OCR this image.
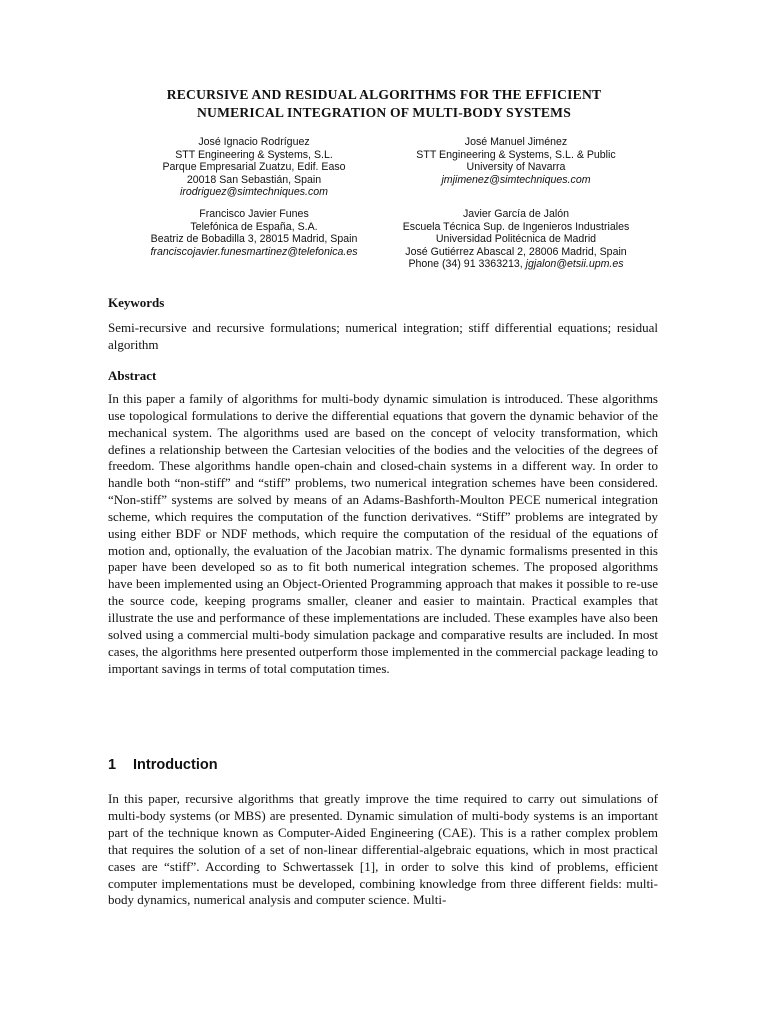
RECURSIVE AND RESIDUAL ALGORITHMS FOR THE EFFICIENT
NUMERICAL INTEGRATION OF MULTI-BODY SYSTEMS
José Ignacio Rodríguez
STT Engineering & Systems, S.L.
Parque Empresarial Zuatzu, Edif. Easo
20018 San Sebastián, Spain
irodriguez@simtechniques.com
José Manuel Jiménez
STT Engineering & Systems, S.L. & Public
University of Navarra
jmjimenez@simtechniques.com
Francisco Javier Funes
Telefónica de España, S.A.
Beatriz de Bobadilla 3, 28015 Madrid, Spain
franciscojavier.funesmartinez@telefonica.es
Javier García de Jalón
Escuela Técnica Sup. de Ingenieros Industriales
Universidad Politécnica de Madrid
José Gutiérrez Abascal 2, 28006 Madrid, Spain
Phone (34) 91 3363213, jgjalon@etsii.upm.es
Keywords
Semi-recursive and recursive formulations; numerical integration; stiff differential equations; residual algorithm
Abstract
In this paper a family of algorithms for multi-body dynamic simulation is introduced. These algorithms use topological formulations to derive the differential equations that govern the dynamic behavior of the mechanical system. The algorithms used are based on the concept of velocity transformation, which defines a relationship between the Cartesian velocities of the bodies and the velocities of the degrees of freedom. These algorithms handle open-chain and closed-chain systems in a different way. In order to handle both “non-stiff” and “stiff” problems, two numerical integration schemes have been considered. “Non-stiff” systems are solved by means of an Adams-Bashforth-Moulton PECE numerical integration scheme, which requires the computation of the function derivatives. “Stiff” problems are integrated by using either BDF or NDF methods, which require the computation of the residual of the equations of motion and, optionally, the evaluation of the Jacobian matrix. The dynamic formalisms presented in this paper have been developed so as to fit both numerical integration schemes. The proposed algorithms have been implemented using an Object-Oriented Programming approach that makes it possible to re-use the source code, keeping programs smaller, cleaner and easier to maintain. Practical examples that illustrate the use and performance of these implementations are included. These examples have also been solved using a commercial multi-body simulation package and comparative results are included. In most cases, the algorithms here presented outperform those implemented in the commercial package leading to important savings in terms of total computation times.
1 Introduction
In this paper, recursive algorithms that greatly improve the time required to carry out simulations of multi-body systems (or MBS) are presented. Dynamic simulation of multi-body systems is an important part of the technique known as Computer-Aided Engineering (CAE). This is a rather complex problem that requires the solution of a set of non-linear differential-algebraic equations, which in most practical cases are “stiff”. According to Schwertassek [1], in order to solve this kind of problems, efficient computer implementations must be developed, combining knowledge from three different fields: multi-body dynamics, numerical analysis and computer science. Multi-
